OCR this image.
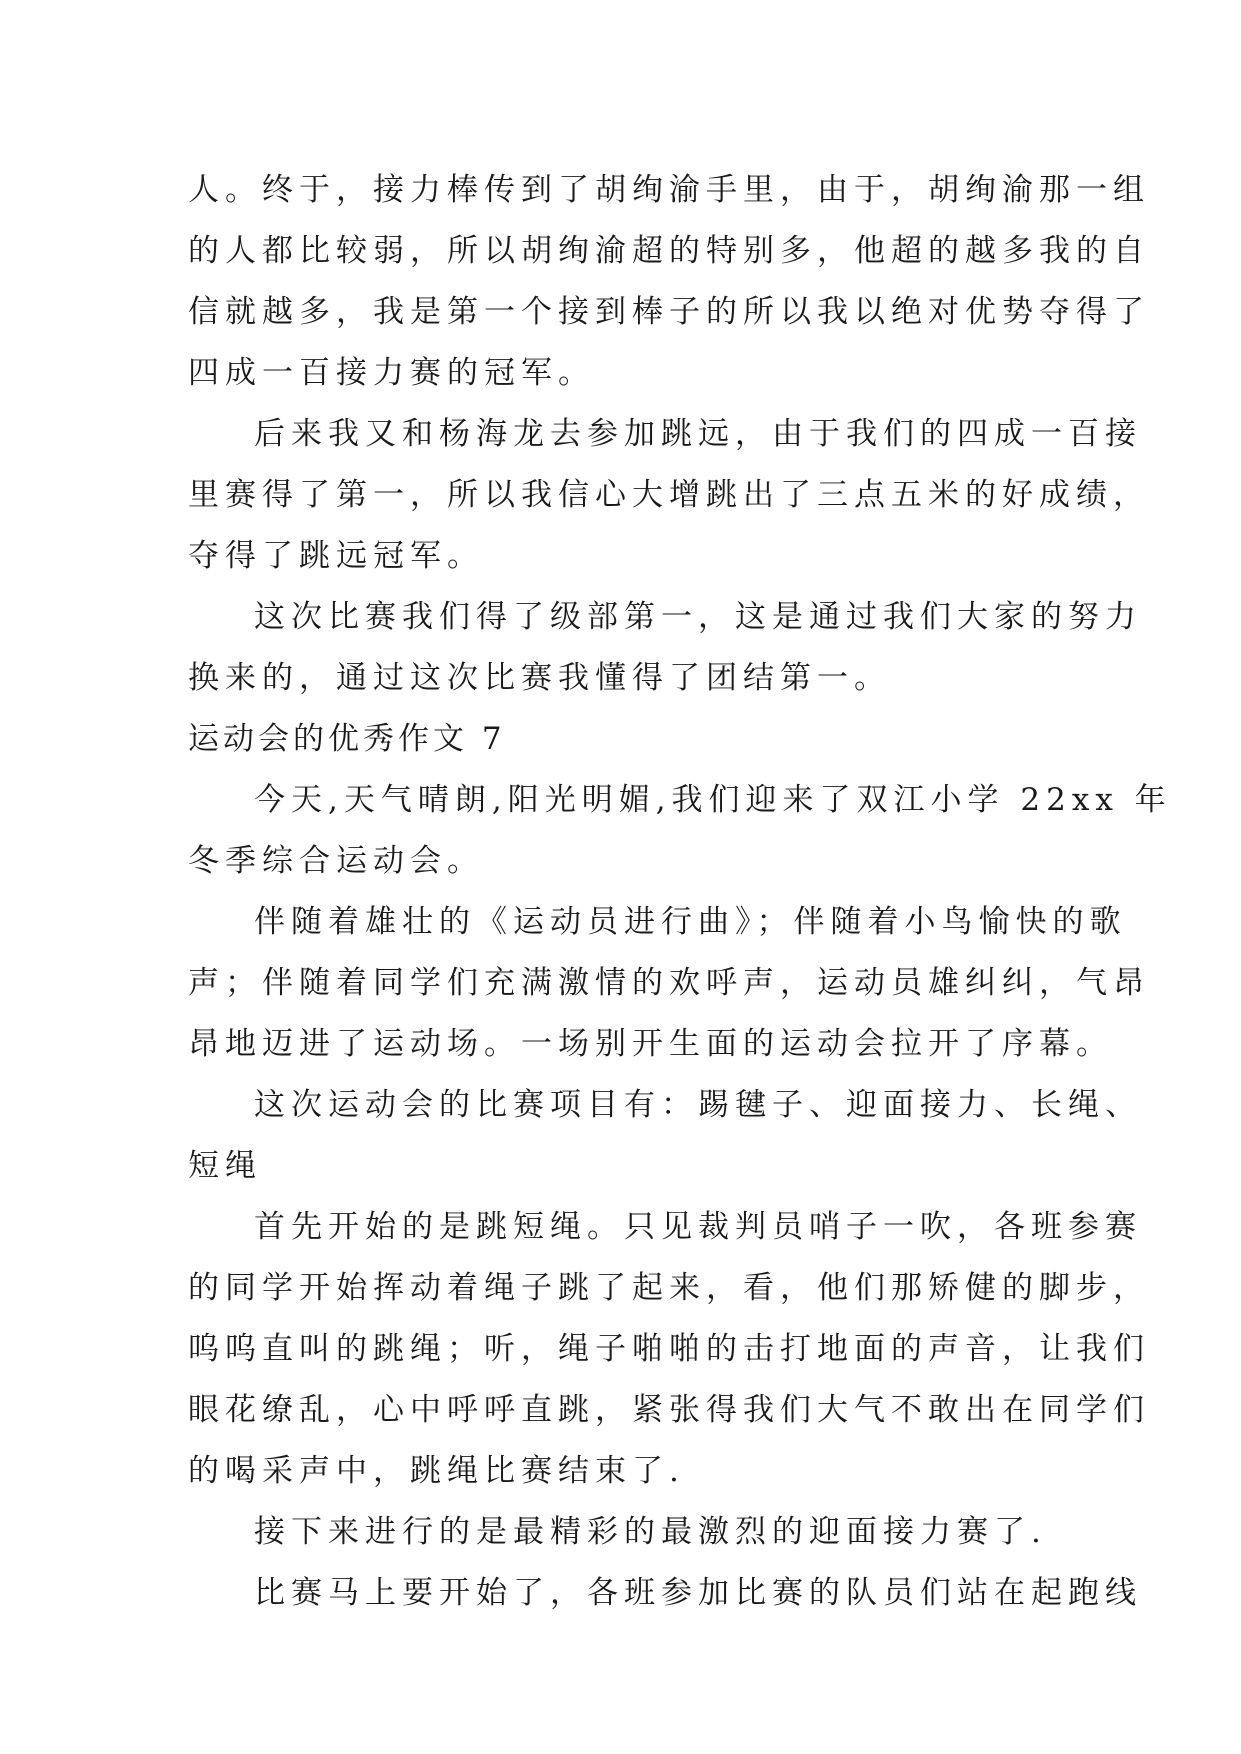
人。终于，接力棒传到了胡绚渝手里，由于，胡绚渝那一组
的人都比较弱，所以胡绚渝超的特别多，他超的越多我的自
信就越多，我是第一个接到棒子的所以我以绝对优势夺得了
四成一百接力赛的冠军。
后来我又和杨海龙去参加跳远，由于我们的四成一百接
里赛得了第一，所以我信心大增跳出了三点五米的好成绩，
夺得了跳远冠军。
这次比赛我们得了级部第一，这是通过我们大家的努力
换来的，通过这次比赛我懂得了团结第一。
运动会的优秀作文 7
今天,天气晴朗,阳光明媚,我们迎来了双江小学 22xx 年
冬季综合运动会。
伴随着雄壮的《运动员进行曲》；伴随着小鸟愉快的歌
声；伴随着同学们充满激情的欢呼声，运动员雄纠纠，气昂
昂地迈进了运动场。一场别开生面的运动会拉开了序幕。
这次运动会的比赛项目有：踢毽子、迎面接力、长绳、
短绳
首先开始的是跳短绳。只见裁判员哨子一吹，各班参赛
的同学开始挥动着绳子跳了起来，看，他们那矫健的脚步，
呜呜直叫的跳绳；听，绳子啪啪的击打地面的声音，让我们
眼花缭乱，心中呼呼直跳，紧张得我们大气不敢出在同学们
的喝采声中，跳绳比赛结束了.
接下来进行的是最精彩的最激烈的迎面接力赛了.
比赛马上要开始了，各班参加比赛的队员们站在起跑线
